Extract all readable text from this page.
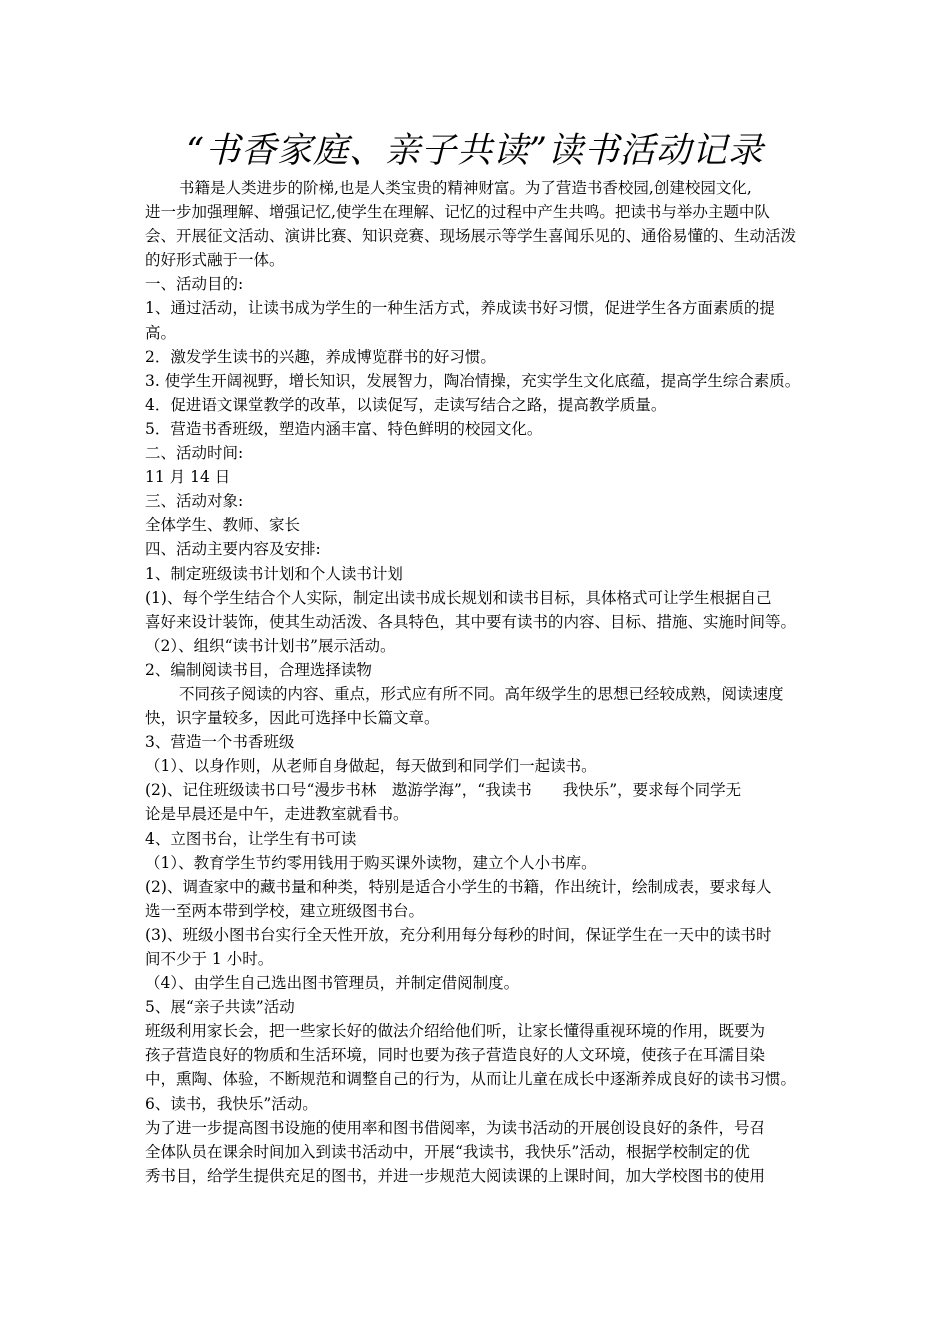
“书香家庭、亲子共读”读书活动记录
书籍是人类进步的阶梯,也是人类宝贵的精神财富。为了营造书香校园,创建校园文化,
进一步加强理解、增强记忆,使学生在理解、记忆的过程中产生共鸣。把读书与举办主题中队
会、开展征文活动、演讲比赛、知识竞赛、现场展示等学生喜闻乐见的、通俗易懂的、生动活泼
的好形式融于一体。
一、活动目的:
1、通过活动，让读书成为学生的一种生活方式，养成读书好习惯，促进学生各方面素质的提
高。
2．激发学生读书的兴趣，养成博览群书的好习惯。
3. 使学生开阔视野，增长知识，发展智力，陶冶情操，充实学生文化底蕴，提高学生综合素质。
4．促进语文课堂教学的改革，以读促写，走读写结合之路，提高教学质量。
5．营造书香班级，塑造内涵丰富、特色鲜明的校园文化。
二、活动时间:
11 月 14 日
三、活动对象:
全体学生、教师、家长
四、活动主要内容及安排:
1、制定班级读书计划和个人读书计划
(1)、每个学生结合个人实际，制定出读书成长规划和读书目标，具体格式可让学生根据自己
喜好来设计装饰，使其生动活泼、各具特色，其中要有读书的内容、目标、措施、实施时间等。
（2）、组织“读书计划书”展示活动。
2、编制阅读书目，合理选择读物
不同孩子阅读的内容、重点，形式应有所不同。高年级学生的思想已经较成熟，阅读速度
快，识字量较多，因此可选择中长篇文章。
3、营造一个书香班级
（1）、以身作则，从老师自身做起，每天做到和同学们一起读书。
(2)、记住班级读书口号“漫步书林　遨游学海”，“我读书　　我快乐”，要求每个同学无
论是早晨还是中午，走进教室就看书。
4、立图书台，让学生有书可读
（1）、教育学生节约零用钱用于购买课外读物，建立个人小书库。
(2)、调查家中的藏书量和种类，特别是适合小学生的书籍，作出统计，绘制成表，要求每人
选一至两本带到学校，建立班级图书台。
(3)、班级小图书台实行全天性开放，充分利用每分每秒的时间，保证学生在一天中的读书时
间不少于 1 小时。
（4）、由学生自己选出图书管理员，并制定借阅制度。
5、展“亲子共读”活动
班级利用家长会，把一些家长好的做法介绍给他们听，让家长懂得重视环境的作用，既要为
孩子营造良好的物质和生活环境，同时也要为孩子营造良好的人文环境，使孩子在耳濡目染
中，熏陶、体验，不断规范和调整自己的行为，从而让儿童在成长中逐渐养成良好的读书习惯。
6、读书，我快乐”活动。
为了进一步提高图书设施的使用率和图书借阅率，为读书活动的开展创设良好的条件，号召
全体队员在课余时间加入到读书活动中，开展“我读书，我快乐”活动，根据学校制定的优
秀书目，给学生提供充足的图书，并进一步规范大阅读课的上课时间，加大学校图书的使用
